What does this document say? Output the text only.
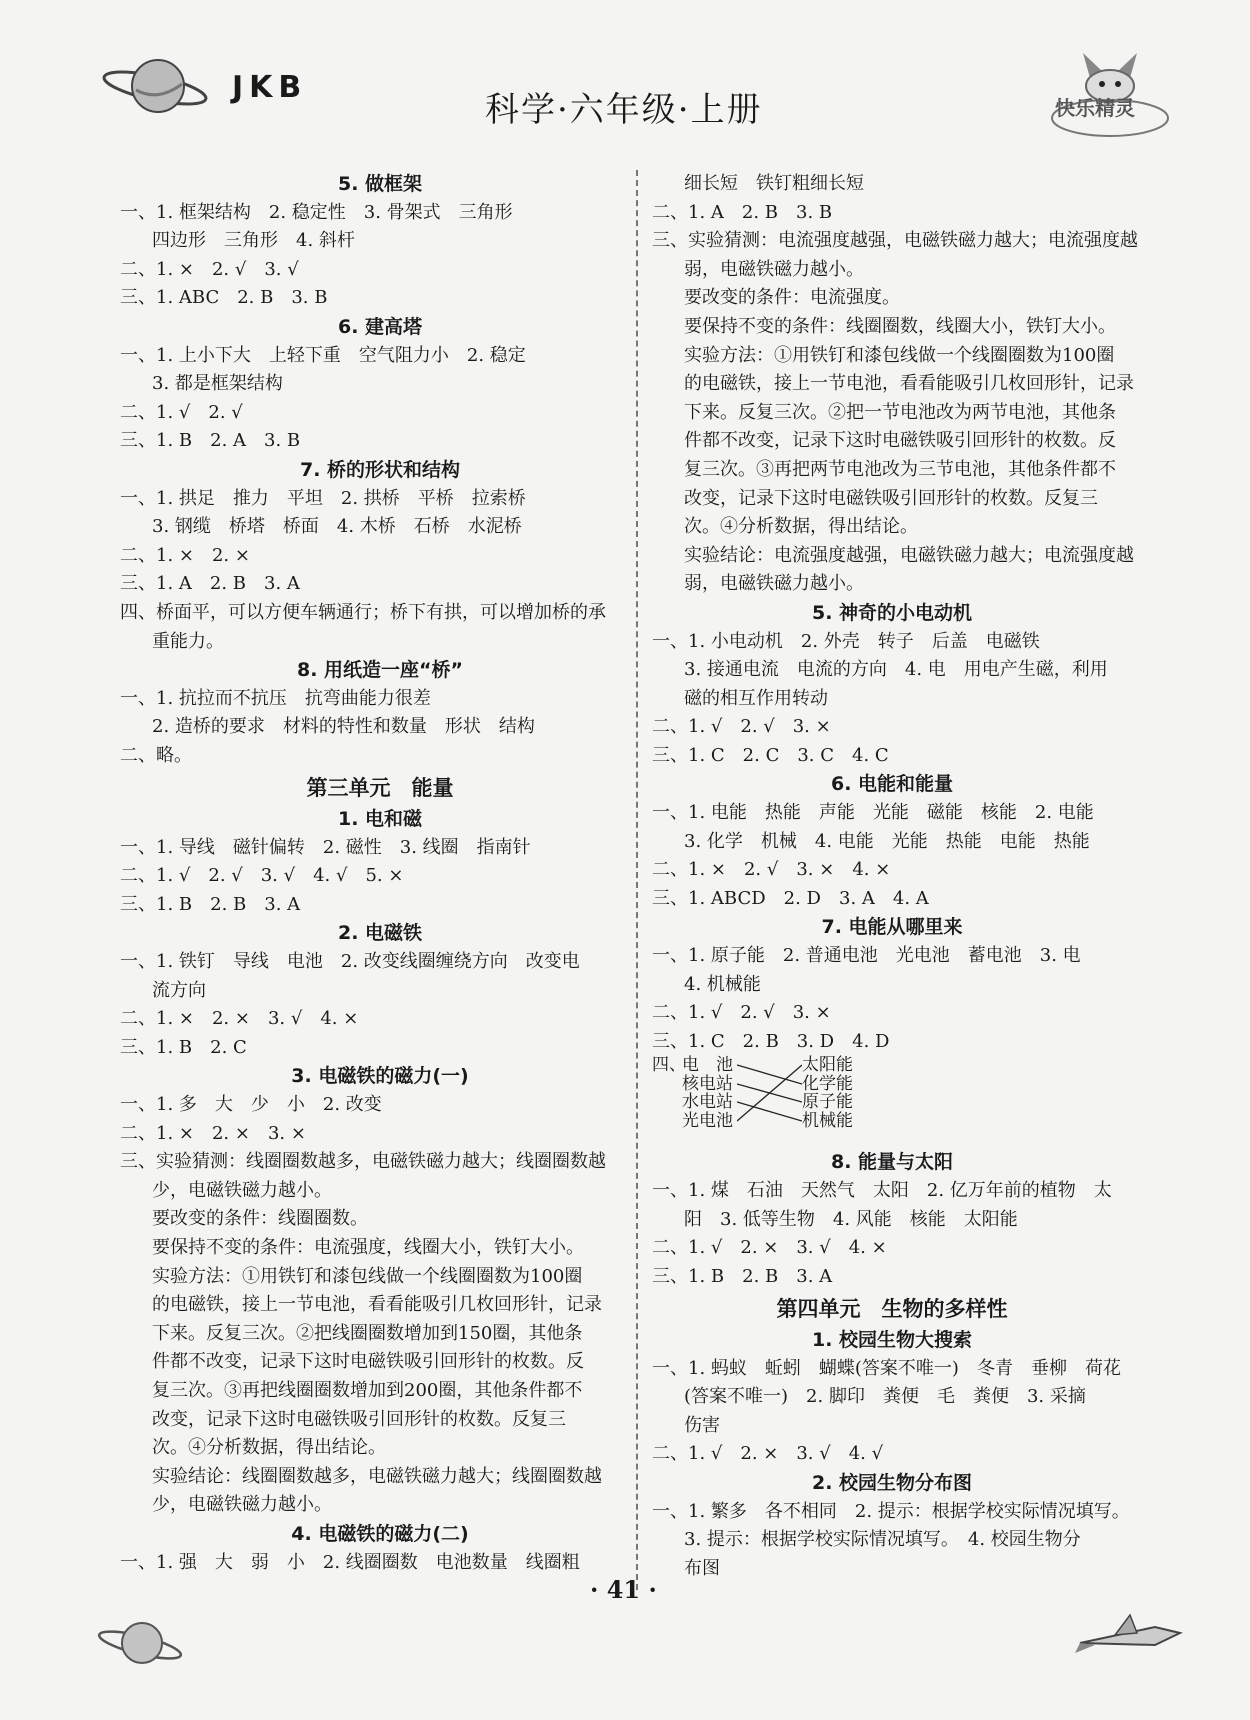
JKB
科学·六年级·上册	快乐精灵
5. 做框架
一、1. 框架结构　2. 稳定性　3. 骨架式　三角形
四边形　三角形　4. 斜杆
二、1. ×　2. √　3. √
三、1. ABC　2. B　3. B
6. 建高塔
一、1. 上小下大　上轻下重　空气阻力小　2. 稳定
3. 都是框架结构
二、1. √　2. √
三、1. B　2. A　3. B
7. 桥的形状和结构
一、1. 拱足　推力　平坦　2. 拱桥　平桥　拉索桥
3. 钢缆　桥塔　桥面　4. 木桥　石桥　水泥桥
二、1. ×　2. ×
三、1. A　2. B　3. A
四、桥面平，可以方便车辆通行；桥下有拱，可以增加桥的承
重能力。
8. 用纸造一座“桥”
一、1. 抗拉而不抗压　抗弯曲能力很差
2. 造桥的要求　材料的特性和数量　形状　结构
二、略。
第三单元　能量
1. 电和磁
一、1. 导线　磁针偏转　2. 磁性　3. 线圈　指南针
二、1. √　2. √　3. √　4. √　5. ×
三、1. B　2. B　3. A
2. 电磁铁
一、1. 铁钉　导线　电池　2. 改变线圈缠绕方向　改变电
流方向
二、1. ×　2. ×　3. √　4. ×
三、1. B　2. C
3. 电磁铁的磁力(一)
一、1. 多　大　少　小　2. 改变
二、1. ×　2. ×　3. ×
三、实验猜测：线圈圈数越多，电磁铁磁力越大；线圈圈数越
少，电磁铁磁力越小。
要改变的条件：线圈圈数。
要保持不变的条件：电流强度，线圈大小，铁钉大小。
实验方法：①用铁钉和漆包线做一个线圈圈数为100圈
的电磁铁，接上一节电池，看看能吸引几枚回形针，记录
下来。反复三次。②把线圈圈数增加到150圈，其他条
件都不改变，记录下这时电磁铁吸引回形针的枚数。反
复三次。③再把线圈圈数增加到200圈，其他条件都不
改变，记录下这时电磁铁吸引回形针的枚数。反复三
次。④分析数据，得出结论。
实验结论：线圈圈数越多，电磁铁磁力越大；线圈圈数越
少，电磁铁磁力越小。
4. 电磁铁的磁力(二)
一、1. 强　大　弱　小　2. 线圈圈数　电池数量　线圈粗
细长短　铁钉粗细长短
二、1. A　2. B　3. B
三、实验猜测：电流强度越强，电磁铁磁力越大；电流强度越
弱，电磁铁磁力越小。
要改变的条件：电流强度。
要保持不变的条件：线圈圈数，线圈大小，铁钉大小。
实验方法：①用铁钉和漆包线做一个线圈圈数为100圈
的电磁铁，接上一节电池，看看能吸引几枚回形针，记录
下来。反复三次。②把一节电池改为两节电池，其他条
件都不改变，记录下这时电磁铁吸引回形针的枚数。反
复三次。③再把两节电池改为三节电池，其他条件都不
改变，记录下这时电磁铁吸引回形针的枚数。反复三
次。④分析数据，得出结论。
实验结论：电流强度越强，电磁铁磁力越大；电流强度越
弱，电磁铁磁力越小。
5. 神奇的小电动机
一、1. 小电动机　2. 外壳　转子　后盖　电磁铁
3. 接通电流　电流的方向　4. 电　用电产生磁，利用
磁的相互作用转动
二、1. √　2. √　3. ×
三、1. C　2. C　3. C　4. C
6. 电能和能量
一、1. 电能　热能　声能　光能　磁能　核能　2. 电能
3. 化学　机械　4. 电能　光能　热能　电能　热能
二、1. ×　2. √　3. ×　4. ×
三、1. ABCD　2. D　3. A　4. A
7. 电能从哪里来
一、1. 原子能　2. 普通电池　光电池　蓄电池　3. 电
4. 机械能
二、1. √　2. √　3. ×
三、1. C　2. B　3. D　4. D
四、
电　池
核电站
水电站
光电池
太阳能
化学能
原子能
机械能
8. 能量与太阳
一、1. 煤　石油　天然气　太阳　2. 亿万年前的植物　太
阳　3. 低等生物　4. 风能　核能　太阳能
二、1. √　2. ×　3. √　4. ×
三、1. B　2. B　3. A
第四单元　生物的多样性
1. 校园生物大搜索
一、1. 蚂蚁　蚯蚓　蝴蝶(答案不唯一)　冬青　垂柳　荷花
(答案不唯一)　2. 脚印　粪便　毛　粪便　3. 采摘
伤害
二、1. √　2. ×　3. √　4. √
2. 校园生物分布图
一、1. 繁多　各不相同　2. 提示：根据学校实际情况填写。
3. 提示：根据学校实际情况填写。　4. 校园生物分
布图
· 41 ·
